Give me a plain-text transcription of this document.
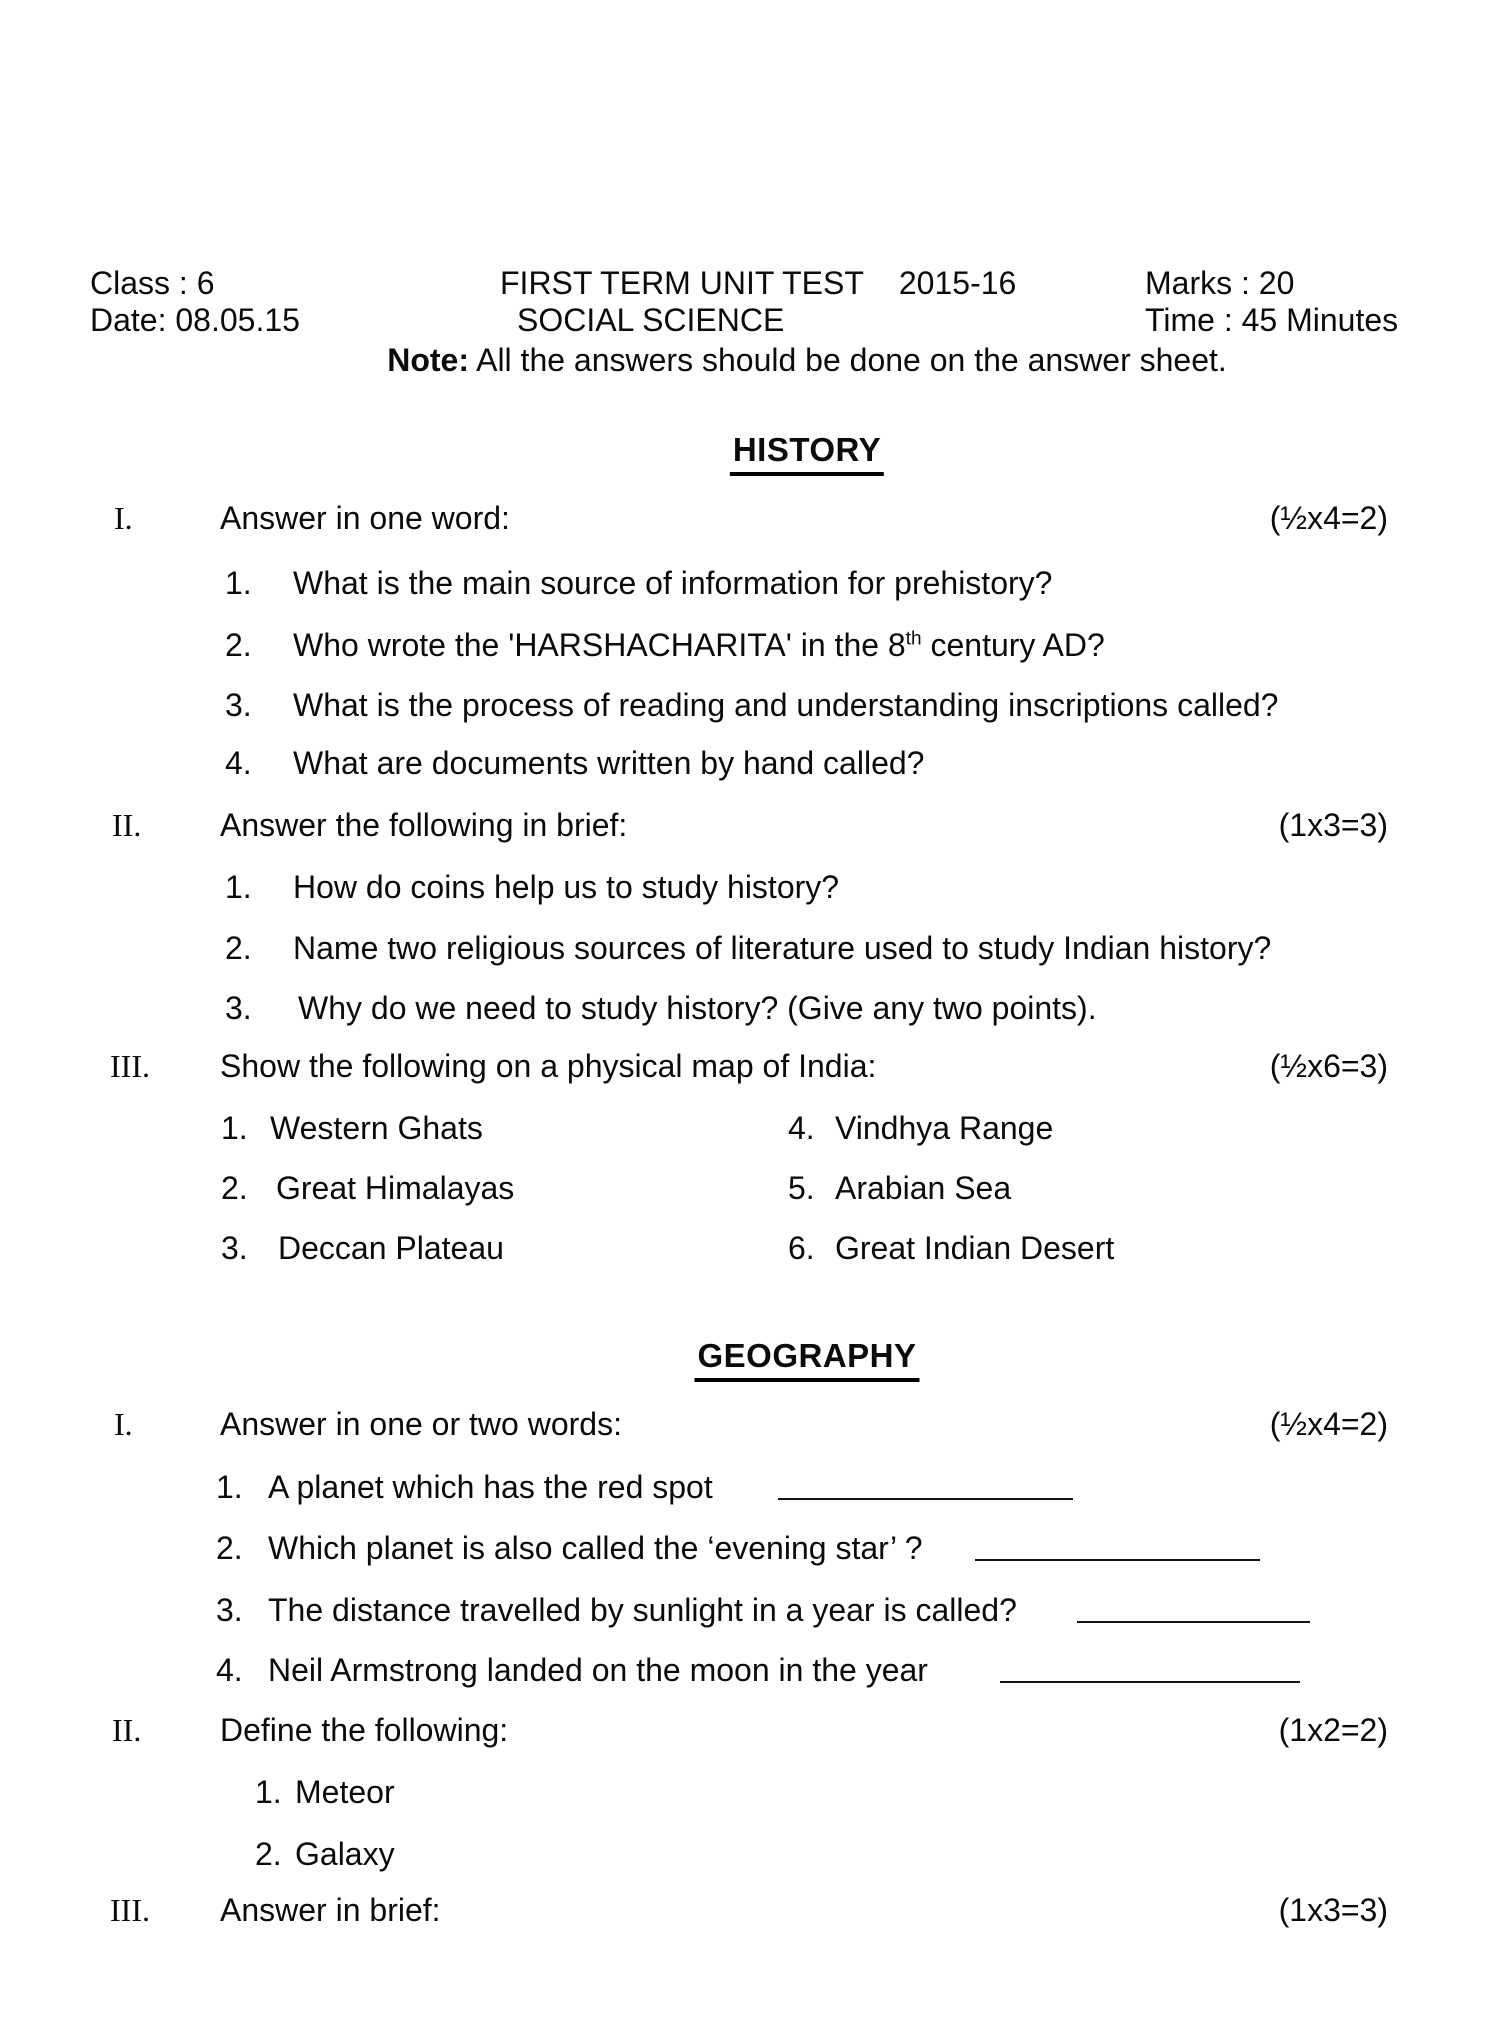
Class : 6	FIRST TERM UNIT TEST    2015-16	Marks : 20
Date: 08.05.15	SOCIAL SCIENCE	Time : 45 Minutes
Note: All the answers should be done on the answer sheet.
HISTORY
I.	Answer in one word:	(½x4=2)
1. What is the main source of information for prehistory?
2. Who wrote the 'HARSHACHARITA' in the 8th century AD?
3. What is the process of reading and understanding inscriptions called?
4. What are documents written by hand called?
II. Answer the following in brief:	(1x3=3)
1. How do coins help us to study history?
2. Name two religious sources of literature used to study Indian history?
3. Why do we need to study history? (Give any two points).
III. Show the following on a physical map of India:	(½x6=3)
1. Western Ghats	4. Vindhya Range
2. Great Himalayas	5. Arabian Sea
3. Deccan Plateau	6. Great Indian Desert
GEOGRAPHY
I.	Answer in one or two words:	(½x4=2)
1. A planet which has the red spot
2. Which planet is also called the ‘evening star’ ?
3. The distance travelled by sunlight in a year is called?
4. Neil Armstrong landed on the moon in the year
II. Define the following:	(1x2=2)
1. Meteor
2. Galaxy
III. Answer in brief:	(1x3=3)
